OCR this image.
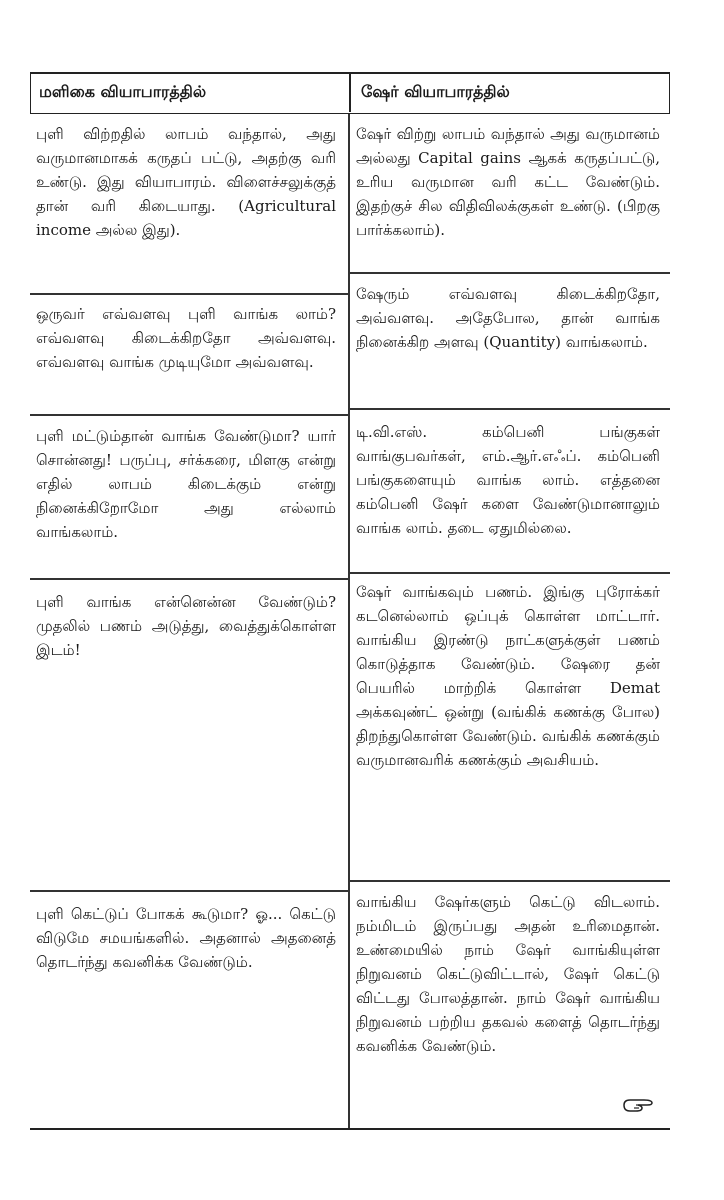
மளிகை வியாபாரத்தில்	ஷேர் வியாபாரத்தில்
புளி விற்றதில் லாபம் வந்தால், அது வருமானமாகக் கருதப் பட்டு, அதற்கு வரி உண்டு. இது வியாபாரம். விளைச்சலுக்குத் தான் வரி கிடையாது. (Agricultural income அல்ல இது).
ஷேர் விற்று லாபம் வந்தால் அது வருமானம் அல்லது Capital gains ஆகக் கருதப்பட்டு, உரிய வருமான வரி கட்ட வேண்டும். இதற்குச் சில விதிவிலக்குகள் உண்டு. (பிறகு பார்க்கலாம்).
ஒருவர் எவ்வளவு புளி வாங்க லாம்? எவ்வளவு கிடைக்கிறதோ அவ்வளவு. எவ்வளவு வாங்க முடியுமோ அவ்வளவு.
ஷேரும் எவ்வளவு கிடைக்கிறதோ, அவ்வளவு. அதேபோல, தான் வாங்க நினைக்கிற அளவு (Quantity) வாங்கலாம்.
புளி மட்டும்தான் வாங்க வேண்டுமா? யார் சொன்னது! பருப்பு, சர்க்கரை, மிளகு என்று எதில் லாபம் கிடைக்கும் என்று நினைக்கிறோமோ அது எல்லாம் வாங்கலாம்.
டி.வி.எஸ். கம்பெனி பங்குகள் வாங்குபவர்கள், எம்.ஆர்.எஃப். கம்பெனி பங்குகளையும் வாங்க லாம். எத்தனை கம்பெனி ஷேர் களை வேண்டுமானாலும் வாங்க லாம். தடை ஏதுமில்லை.
புளி வாங்க என்னென்ன வேண்டும்? முதலில் பணம் அடுத்து, வைத்துக்கொள்ள இடம்!
ஷேர் வாங்கவும் பணம். இங்கு புரோக்கர் கடனெல்லாம் ஒப்புக் கொள்ள மாட்டார். வாங்கிய இரண்டு நாட்களுக்குள் பணம் கொடுத்தாக வேண்டும். ஷேரை தன் பெயரில் மாற்றிக் கொள்ள Demat அக்கவுண்ட் ஒன்று (வங்கிக் கணக்கு போல) திறந்துகொள்ள வேண்டும். வங்கிக் கணக்கும் வருமானவரிக் கணக்கும் அவசியம்.
புளி கெட்டுப் போகக் கூடுமா? ஓ... கெட்டு விடுமே சமயங்களில். அதனால் அதனைத் தொடர்ந்து கவனிக்க வேண்டும்.
வாங்கிய ஷேர்களும் கெட்டு விடலாம். நம்மிடம் இருப்பது அதன் உரிமைதான். உண்மையில் நாம் ஷேர் வாங்கியுள்ள நிறுவனம் கெட்டுவிட்டால், ஷேர் கெட்டு விட்டது போலத்தான். நாம் ஷேர் வாங்கிய நிறுவனம் பற்றிய தகவல் களைத் தொடர்ந்து கவனிக்க வேண்டும்.
